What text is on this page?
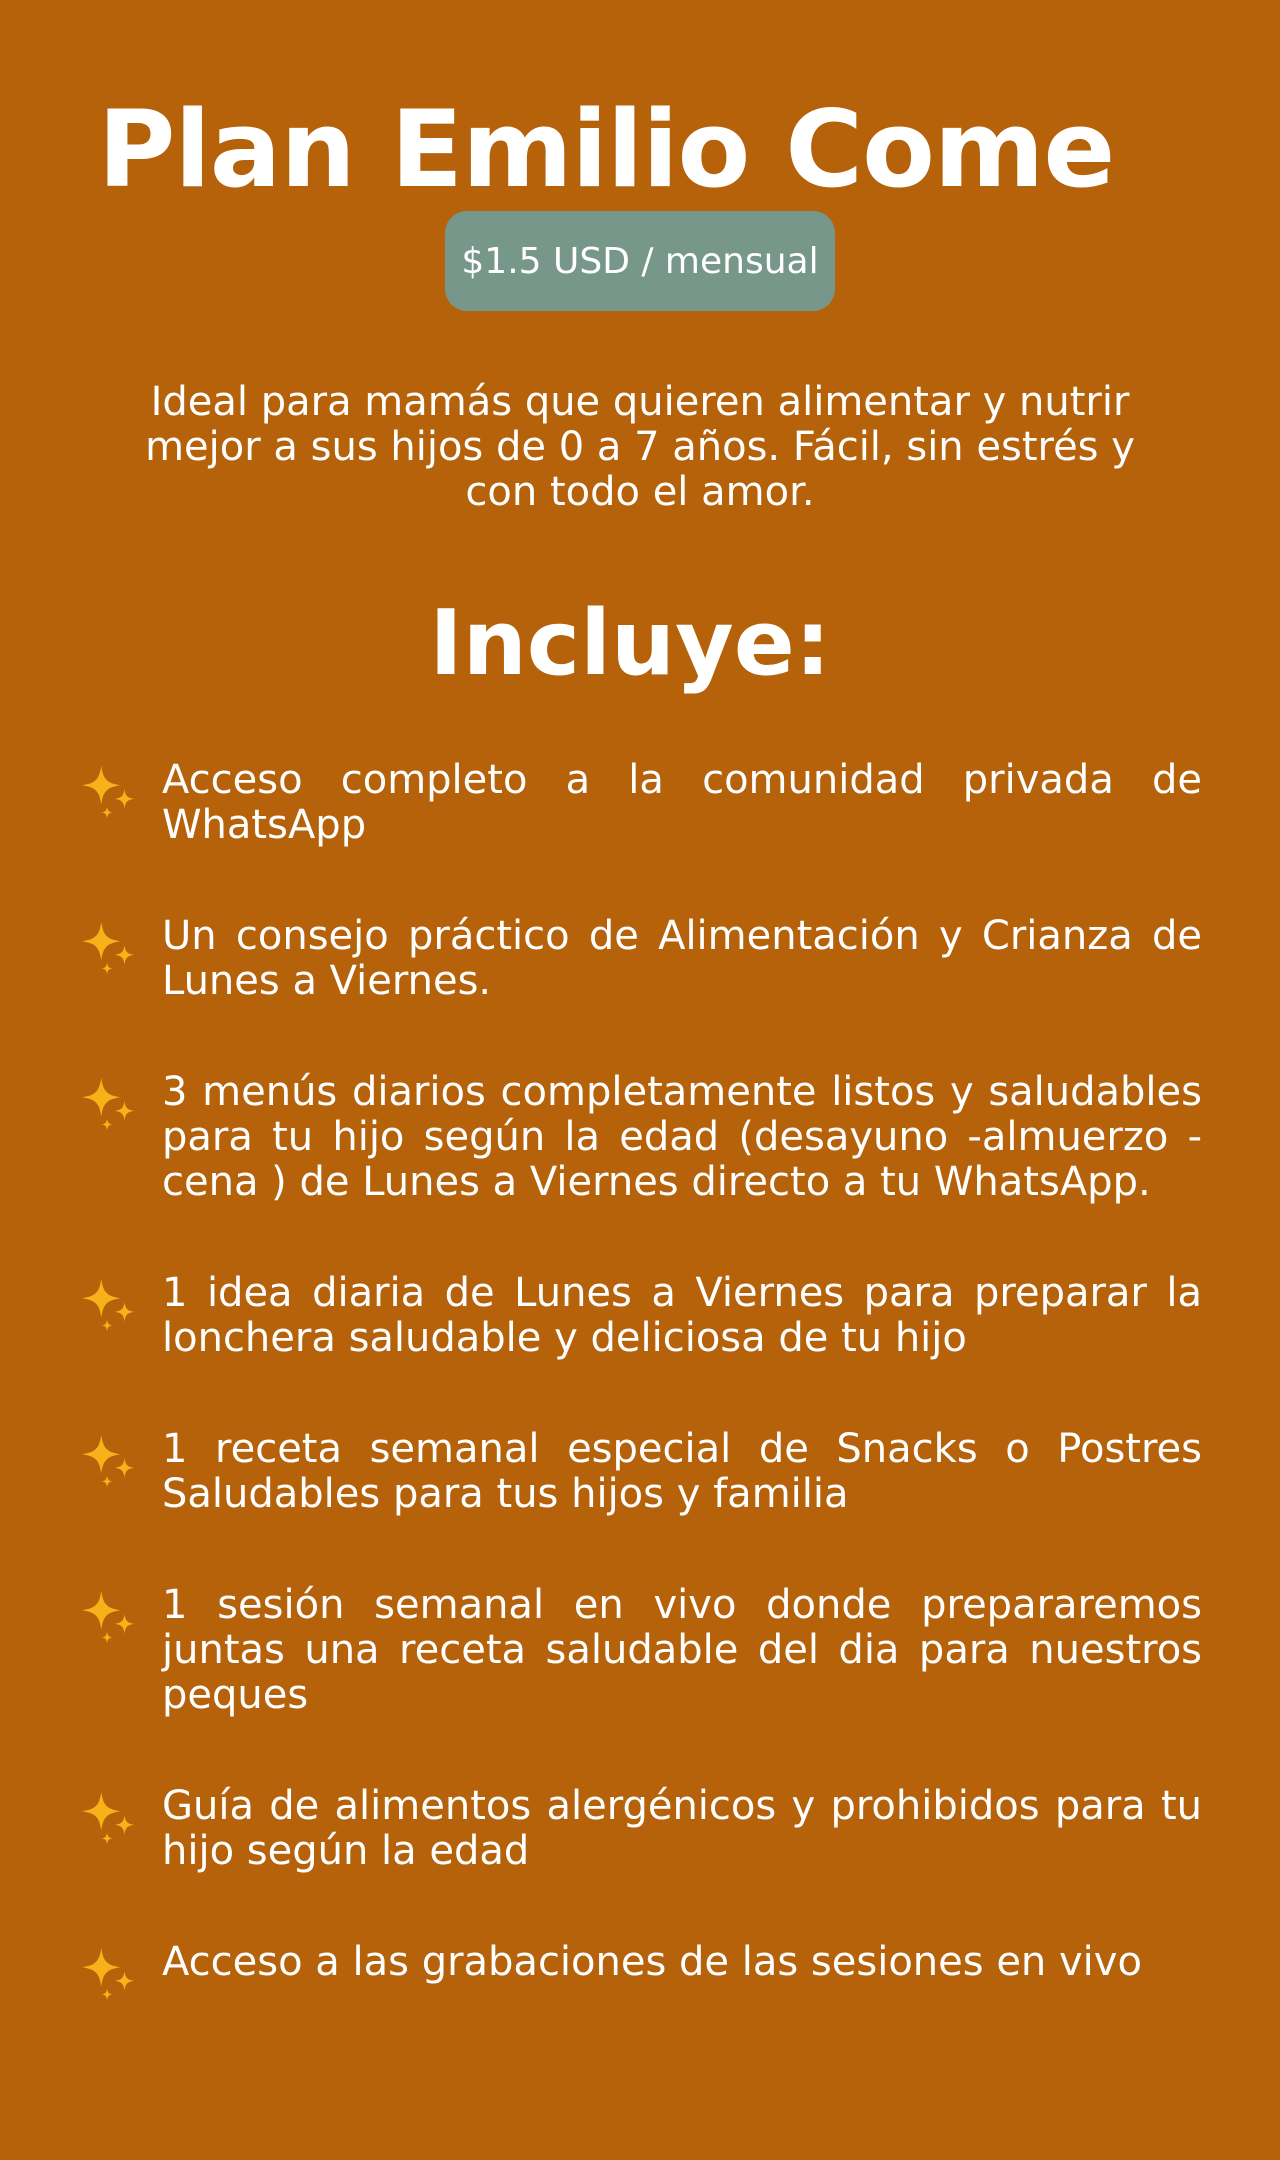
Plan Emilio Come
$1.5 USD / mensual

Ideal para mamás que quieren alimentar y nutrir mejor a sus hijos de 0 a 7 años. Fácil, sin estrés y con todo el amor.

Incluye:
Acceso completo a la comunidad privada de WhatsApp
Un consejo práctico de Alimentación y Crianza de Lunes a Viernes.
3 menús diarios completamente listos y saludables para tu hijo según la edad (desayuno -almuerzo - cena ) de Lunes a Viernes directo a tu WhatsApp.
1 idea diaria de Lunes a Viernes para preparar la lonchera saludable y deliciosa de tu hijo
1 receta semanal especial de Snacks o Postres Saludables para tus hijos y familia
1 sesión semanal en vivo donde prepararemos juntas una receta saludable del dia para nuestros peques
Guía de alimentos alergénicos y prohibidos para tu hijo según la edad
Acceso a las grabaciones de las sesiones en vivo
